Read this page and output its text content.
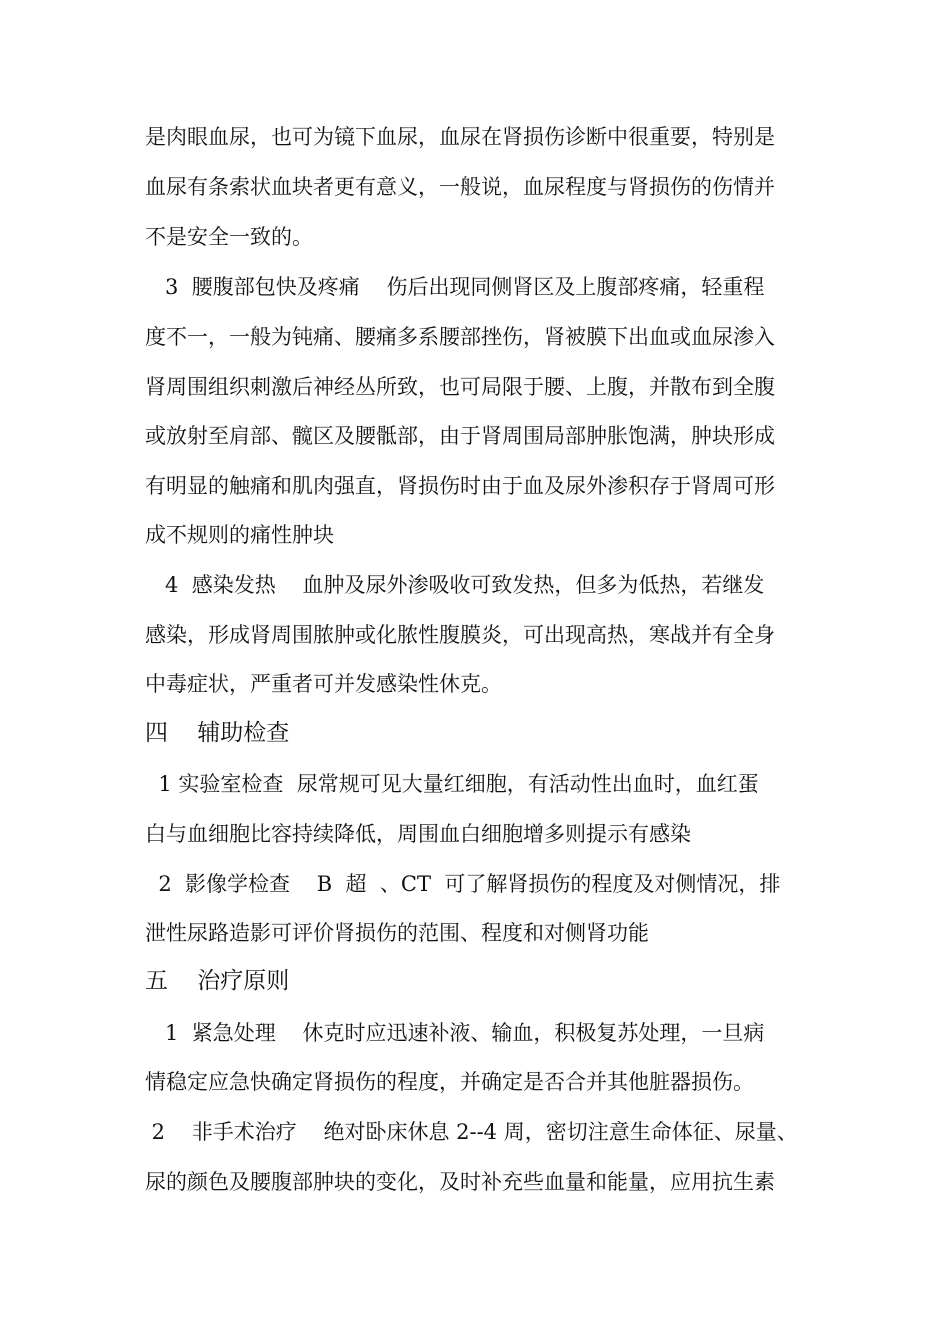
是肉眼血尿，也可为镜下血尿，血尿在肾损伤诊断中很重要，特别是
血尿有条索状血块者更有意义，一般说，血尿程度与肾损伤的伤情并
不是安全一致的。
3  腰腹部包快及疼痛    伤后出现同侧肾区及上腹部疼痛，轻重程
度不一，一般为钝痛、腰痛多系腰部挫伤，肾被膜下出血或血尿渗入
肾周围组织刺激后神经丛所致，也可局限于腰、上腹，并散布到全腹
或放射至肩部、髋区及腰骶部，由于肾周围局部肿胀饱满，肿块形成
有明显的触痛和肌肉强直，肾损伤时由于血及尿外渗积存于肾周可形
成不规则的痛性肿块
4  感染发热    血肿及尿外渗吸收可致发热，但多为低热，若继发
感染，形成肾周围脓肿或化脓性腹膜炎，可出现高热，寒战并有全身
中毒症状，严重者可并发感染性休克。
四    辅助检查
1 实验室检查  尿常规可见大量红细胞，有活动性出血时，血红蛋
白与血细胞比容持续降低，周围血白细胞增多则提示有感染
2  影像学检查    B  超  、CT  可了解肾损伤的程度及对侧情况，排
泄性尿路造影可评价肾损伤的范围、程度和对侧肾功能
五    治疗原则
1  紧急处理    休克时应迅速补液、输血，积极复苏处理，一旦病
情稳定应急快确定肾损伤的程度，并确定是否合并其他脏器损伤。
2    非手术治疗    绝对卧床休息 2--4 周，密切注意生命体征、尿量、
尿的颜色及腰腹部肿块的变化，及时补充些血量和能量，应用抗生素
